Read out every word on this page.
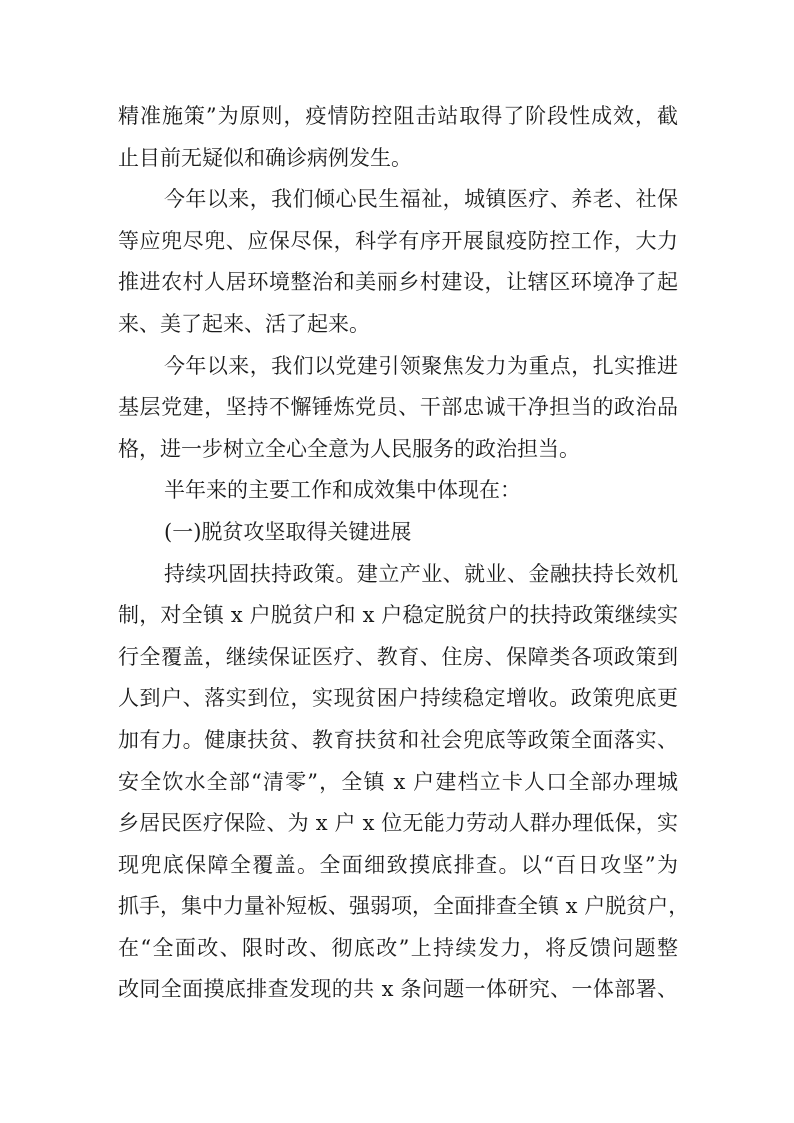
精准施策”为原则，疫情防控阻击站取得了阶段性成效，截
止目前无疑似和确诊病例发生。
今年以来，我们倾心民生福祉，城镇医疗、养老、社保
等应兜尽兜、应保尽保，科学有序开展鼠疫防控工作，大力
推进农村人居环境整治和美丽乡村建设，让辖区环境净了起
来、美了起来、活了起来。
今年以来，我们以党建引领聚焦发力为重点，扎实推进
基层党建，坚持不懈锤炼党员、干部忠诚干净担当的政治品
格，进一步树立全心全意为人民服务的政治担当。
半年来的主要工作和成效集中体现在：
(一)脱贫攻坚取得关键进展
持续巩固扶持政策。建立产业、就业、金融扶持长效机
制，对全镇 x 户脱贫户和 x 户稳定脱贫户的扶持政策继续实
行全覆盖，继续保证医疗、教育、住房、保障类各项政策到
人到户、落实到位，实现贫困户持续稳定增收。政策兜底更
加有力。健康扶贫、教育扶贫和社会兜底等政策全面落实、
安全饮水全部“清零”，全镇 x 户建档立卡人口全部办理城
乡居民医疗保险、为 x 户 x 位无能力劳动人群办理低保，实
现兜底保障全覆盖。全面细致摸底排查。以“百日攻坚”为
抓手，集中力量补短板、强弱项，全面排查全镇 x 户脱贫户，
在“全面改、限时改、彻底改”上持续发力，将反馈问题整
改同全面摸底排查发现的共 x 条问题一体研究、一体部署、
